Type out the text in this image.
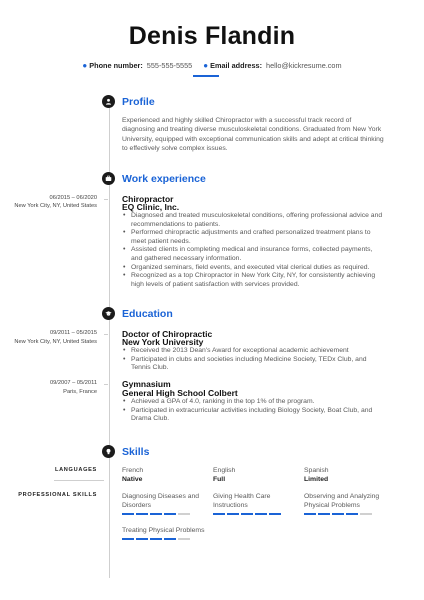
Denis Flandin
● Phone number: 555-555-5555 ● Email address: hello@kickresume.com
Profile
Experienced and highly skilled Chiropractor with a successful track record of diagnosing and treating diverse musculoskeletal conditions. Graduated from New York University, equipped with exceptional communication skills and adept at critical thinking to effectively solve complex issues.
Work experience
06/2015 – 06/2020
New York City, NY, United States
Chiropractor
EQ Clinic, Inc.
• Diagnosed and treated musculoskeletal conditions, offering professional advice and recommendations to patients.
• Performed chiropractic adjustments and crafted personalized treatment plans to meet patient needs.
• Assisted clients in completing medical and insurance forms, collected payments, and gathered necessary information.
• Organized seminars, field events, and executed vital clerical duties as required.
• Recognized as a top Chiropractor in New York City, NY, for consistently achieving high levels of patient satisfaction with services provided.
Education
09/2011 – 05/2015
New York City, NY, United States
Doctor of Chiropractic
New York University
• Received the 2013 Dean's Award for exceptional academic achievement
• Participated in clubs and societies including Medicine Society, TEDx Club, and Tennis Club.
09/2007 – 05/2011
Paris, France
Gymnasium
General High School Colbert
• Achieved a GPA of 4.0, ranking in the top 1% of the program.
• Participated in extracurricular activities including Biology Society, Boat Club, and Drama Club.
Skills
LANGUAGES	French
Native
English
Full
Spanish
Limited
PROFESSIONAL SKILLS	Diagnosing Diseases and Disorders
Giving Health Care Instructions
Observing and Analyzing Physical Problems
Treating Physical Problems
